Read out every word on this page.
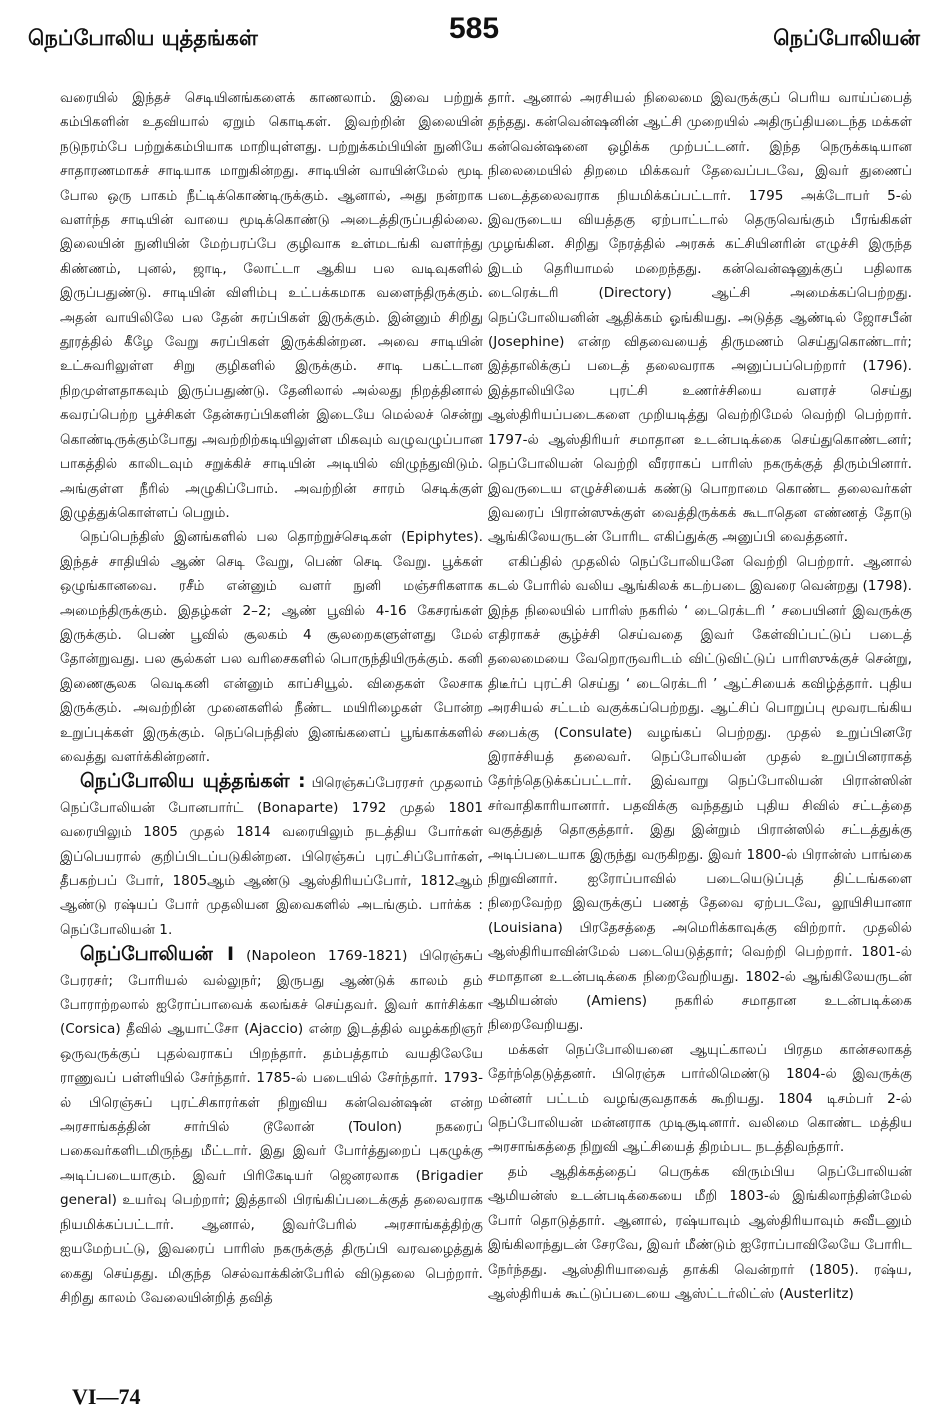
நெப்போலிய யுத்தங்கள்	585	நெப்போலியன்

வரையில் இந்தச் செடியினங்களைக் காணலாம். இவை பற்றுக் கம்பிகளின் உதவியால் ஏறும் கொடிகள். இவற்றின் இலையின் நடுநரம்பே பற்றுக்கம்பியாக மாறியுள்ளது. பற்றுக்கம்பியின் நுனியே சாதாரணமாகச் சாடியாக மாறுகின்றது. சாடியின் வாயின்மேல் மூடி போல ஒரு பாகம் நீட்டிக்கொண்டிருக்கும். ஆனால், அது நன்றாக வளர்ந்த சாடியின் வாயை மூடிக்கொண்டு அடைத்திருப்பதில்லை. இலையின் நுனியின் மேற்பரப்பே குழிவாக உள்மடங்கி வளர்ந்து கிண்ணம், புனல், ஜாடி, லோட்டா ஆகிய பல வடிவுகளில் இருப்பதுண்டு. சாடியின் விளிம்பு உட்பக்கமாக வளைந்திருக்கும். அதன் வாயிலிலே பல தேன் சுரப்பிகள் இருக்கும். இன்னும் சிறிது தூரத்தில் கீழே வேறு சுரப்பிகள் இருக்கின்றன. அவை சாடியின் உட்சுவரிலுள்ள சிறு குழிகளில் இருக்கும். சாடி பகட்டான நிறமுள்ளதாகவும் இருப்பதுண்டு. தேனிலால் அல்லது நிறத்தினால் கவரப்பெற்ற பூச்சிகள் தேன்சுரப்பிகளின் இடையே மெல்லச் சென்று கொண்டிருக்கும்போது அவற்றிற்கடியிலுள்ள மிகவும் வழுவழுப்பான பாகத்தில் காலிடவும் சறுக்கிச் சாடியின் அடியில் விழுந்துவிடும். அங்குள்ள நீரில் அழுகிப்போம். அவற்றின் சாரம் செடிக்குள் இழுத்துக்கொள்ளப் பெறும்.

நெப்பெந்திஸ் இனங்களில் பல தொற்றுச்செடிகள் (Epiphytes). இந்தச் சாதியில் ஆண் செடி வேறு, பெண் செடி வேறு. பூக்கள் ஒழுங்கானவை. ரசீம் என்னும் வளர் நுனி மஞ்சரிகளாக அமைந்திருக்கும். இதழ்கள் 2–2; ஆண் பூவில் 4-16 கேசரங்கள் இருக்கும். பெண் பூவில் சூலகம் 4 சூலறைகளுள்ளது மேல் தோன்றுவது. பல சூல்கள் பல வரிசைகளில் பொருந்தியிருக்கும். கனி இணைசூலக வெடிகனி என்னும் காப்சியூல். விதைகள் லேசாக இருக்கும். அவற்றின் முனைகளில் நீண்ட மயிரிழைகள் போன்ற உறுப்புக்கள் இருக்கும். நெப்பெந்திஸ் இனங்களைப் பூங்காக்களில் வைத்து வளர்க்கின்றனர்.

நெப்போலிய யுத்தங்கள் : பிரெஞ்சுப்பேரரசர் முதலாம் நெப்போலியன் போனபார்ட் (Bonaparte) 1792 முதல் 1801 வரையிலும் 1805 முதல் 1814 வரையிலும் நடத்திய போர்கள் இப்பெயரால் குறிப்பிடப்படுகின்றன. பிரெஞ்சுப் புரட்சிப்போர்கள், தீபகற்பப் போர், 1805ஆம் ஆண்டு ஆஸ்திரியப்போர், 1812ஆம் ஆண்டு ரஷ்யப் போர் முதலியன இவைகளில் அடங்கும். பார்க்க : நெப்போலியன் 1.

நெப்போலியன் I (Napoleon 1769-1821) பிரெஞ்சுப் பேரரசர்; போரியல் வல்லுநர்; இருபது ஆண்டுக் காலம் தம் போராற்றலால் ஐரோப்பாவைக் கலங்கச் செய்தவர். இவர் கார்சிக்கா (Corsica) தீவில் ஆயாட்சோ (Ajaccio) என்ற இடத்தில் வழக்கறிஞர் ஒருவருக்குப் புதல்வராகப் பிறந்தார். தம்பத்தாம் வயதிலேயே ராணுவப் பள்ளியில் சேர்ந்தார். 1785-ல் படையில் சேர்ந்தார். 1793-ல் பிரெஞ்சுப் புரட்சிகாரர்கள் நிறுவிய கன்வென்ஷன் என்ற அரசாங்கத்தின் சார்பில் டூலோன் (Toulon) நகரைப் பகைவர்களிடமிருந்து மீட்டார். இது இவர் போர்த்துறைப் புகழுக்கு அடிப்படையாகும். இவர் பிரிகேடியர் ஜெனரலாக (Brigadier general) உயர்வு பெற்றார்; இத்தாலி பிரங்கிப்படைக்குத் தலைவராக நியமிக்கப்பட்டார். ஆனால், இவர்பேரில் அரசாங்கத்திற்கு ஐயமேற்பட்டு, இவரைப் பாரிஸ் நகருக்குத் திருப்பி வரவழைத்துக் கைது செய்தது. மிகுந்த செல்வாக்கின்பேரில் விடுதலை பெற்றார். சிறிது காலம் வேலையின்றித் தவித்

தார். ஆனால் அரசியல் நிலைமை இவருக்குப் பெரிய வாய்ப்பைத் தந்தது. கன்வென்ஷனின் ஆட்சி முறையில் அதிருப்தியடைந்த மக்கள் கன்வென்ஷனை ஒழிக்க முற்பட்டனர். இந்த நெருக்கடியான நிலைமையில் திறமை மிக்கவர் தேவைப்படவே, இவர் துணைப் படைத்தலைவராக நியமிக்கப்பட்டார். 1795 அக்டோபர் 5-ல் இவருடைய வியத்தகு ஏற்பாட்டால் தெருவெங்கும் பீரங்கிகள் முழங்கின. சிறிது நேரத்தில் அரசுக் கட்சியினரின் எழுச்சி இருந்த இடம் தெரியாமல் மறைந்தது. கன்வென்ஷனுக்குப் பதிலாக டைரெக்டரி (Directory) ஆட்சி அமைக்கப்பெற்றது. நெப்போலியனின் ஆதிக்கம் ஓங்கியது. அடுத்த ஆண்டில் ஜோசபீன் (Josephine) என்ற விதவையைத் திருமணம் செய்துகொண்டார்; இத்தாலிக்குப் படைத் தலைவராக அனுப்பப்பெற்றார் (1796). இத்தாலியிலே புரட்சி உணர்ச்சியை வளரச் செய்து ஆஸ்திரியப்படைகளை முறியடித்து வெற்றிமேல் வெற்றி பெற்றார். 1797-ல் ஆஸ்திரியர் சமாதான உடன்படிக்கை செய்துகொண்டனர்; நெப்போலியன் வெற்றி வீரராகப் பாரிஸ் நகருக்குத் திரும்பினார். இவருடைய எழுச்சியைக் கண்டு பொறாமை கொண்ட தலைவர்கள் இவரைப் பிரான்ஸுக்குள் வைத்திருக்கக் கூடாதென எண்ணத் தோடு ஆங்கிலேயருடன் போரிட எகிப்துக்கு அனுப்பி வைத்தனர்.

எகிப்தில் முதலில் நெப்போலியனே வெற்றி பெற்றார். ஆனால் கடல் போரில் வலிய ஆங்கிலக் கடற்படை இவரை வென்றது (1798). இந்த நிலையில் பாரிஸ் நகரில் ‘ டைரெக்டரி ’ சபையினர் இவருக்கு எதிராகச் சூழ்ச்சி செய்வதை இவர் கேள்விப்பட்டுப் படைத் தலைமையை வேறொருவரிடம் விட்டுவிட்டுப் பாரிஸுக்குச் சென்று, திடீர்ப் புரட்சி செய்து ‘ டைரெக்டரி ’ ஆட்சியைக் கவிழ்த்தார். புதிய அரசியல் சட்டம் வகுக்கப்பெற்றது. ஆட்சிப் பொறுப்பு மூவரடங்கிய சபைக்கு (Consulate) வழங்கப் பெற்றது. முதல் உறுப்பினரே இராச்சியத் தலைவர். நெப்போலியன் முதல் உறுப்பினராகத் தேர்ந்தெடுக்கப்பட்டார். இவ்வாறு நெப்போலியன் பிரான்ஸின் சர்வாதிகாரியானார். பதவிக்கு வந்ததும் புதிய சிவில் சட்டத்தை வகுத்துத் தொகுத்தார். இது இன்றும் பிரான்ஸில் சட்டத்துக்கு அடிப்படையாக இருந்து வருகிறது. இவர் 1800-ல் பிரான்ஸ் பாங்கை நிறுவினார். ஐரோப்பாவில் படையெடுப்புத் திட்டங்களை நிறைவேற்ற இவருக்குப் பணத் தேவை ஏற்படவே, லூயிசியானா (Louisiana) பிரதேசத்தை அமெரிக்காவுக்கு விற்றார். முதலில் ஆஸ்திரியாவின்மேல் படையெடுத்தார்; வெற்றி பெற்றார். 1801-ல் சமாதான உடன்படிக்கை நிறைவேறியது. 1802-ல் ஆங்கிலேயருடன் ஆமியன்ஸ் (Amiens) நகரில் சமாதான உடன்படிக்கை நிறைவேறியது.

மக்கள் நெப்போலியனை ஆயுட்காலப் பிரதம கான்சலாகத் தேர்ந்தெடுத்தனர். பிரெஞ்சு பார்லிமெண்டு 1804-ல் இவருக்கு மன்னர் பட்டம் வழங்குவதாகக் கூறியது. 1804 டிசம்பர் 2-ல் நெப்போலியன் மன்னராக முடிசூடினார். வலிமை கொண்ட மத்திய அரசாங்கத்தை நிறுவி ஆட்சியைத் திறம்பட நடத்திவந்தார்.

தம் ஆதிக்கத்தைப் பெருக்க விரும்பிய நெப்போலியன் ஆமியன்ஸ் உடன்படிக்கையை மீறி 1803-ல் இங்கிலாந்தின்மேல் போர் தொடுத்தார். ஆனால், ரஷ்யாவும் ஆஸ்திரியாவும் சுவீடனும் இங்கிலாந்துடன் சேரவே, இவர் மீண்டும் ஐரோப்பாவிலேயே போரிட நேர்ந்தது. ஆஸ்திரியாவைத் தாக்கி வென்றார் (1805). ரஷ்ய, ஆஸ்திரியக் கூட்டுப்படையை ஆஸ்ட்டர்லிட்ஸ் (Austerlitz)

VI—74
